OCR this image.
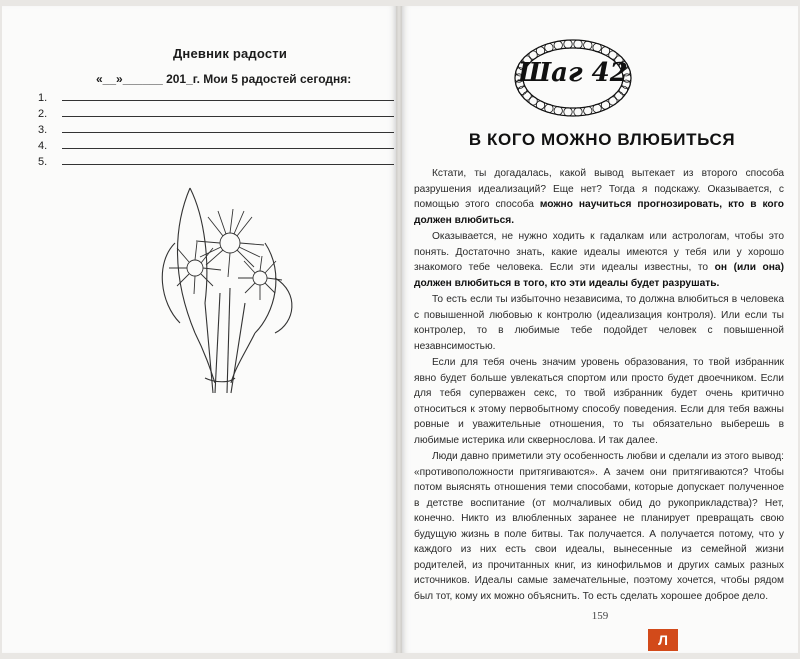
Дневник радости
«__»______ 201_г. Мои 5 радостей сегодня:
1.
2.
3.
4.
5.
Шаг 42
В КОГО МОЖНО ВЛЮБИТЬСЯ

Кстати, ты догадалась, какой вывод вытекает из второго способа разрушения идеализаций? Еще нет? Тогда я подскажу. Оказывается, с помощью этого способа можно научиться прогнозировать, кто в кого должен влюбиться.

Оказывается, не нужно ходить к гадалкам или астрологам, чтобы это понять. Достаточно знать, какие идеалы имеются у тебя или у хорошо знакомого тебе человека. Если эти идеалы известны, то он (или она) должен влюбиться в того, кто эти идеалы будет разрушать.

То есть если ты избыточно независима, то должна влюбиться в человека с повышенной любовью к контролю (идеализация контроля). Или если ты контролер, то в любимые тебе подойдет человек с повышенной незавнсимостью.

Если для тебя очень значим уровень образования, то твой избранник явно будет больше увлекаться спортом или просто будет двоечником. Если для тебя суперважен секс, то твой избранник будет очень критично относиться к этому первобытному способу поведения. Если для тебя важны ровные и уважительные отношения, то ты обязательно выберешь в любимые истерика или сквернослова. И так далее.

Люди давно приметили эту особенность любви и сделали из этого вывод: «противоположности притягиваются». А зачем они притягиваются? Чтобы потом выяснять отношения теми способами, которые допускает полученное в детстве воспитание (от молчаливых обид до рукоприкладства)? Нет, конечно. Никто из влюбленных заранее не планирует превращать свою будущую жизнь в поле битвы. Так получается. А получается потому, что у каждого из них есть свои идеалы, вынесенные из семейной жизни родителей, из прочитанных книг, из кинофильмов и других самых разных источников. Идеалы самые замечательные, поэтому хочется, чтобы рядом был тот, кому их можно объяснить. То есть сделать хорошее доброе дело.

159
Л
